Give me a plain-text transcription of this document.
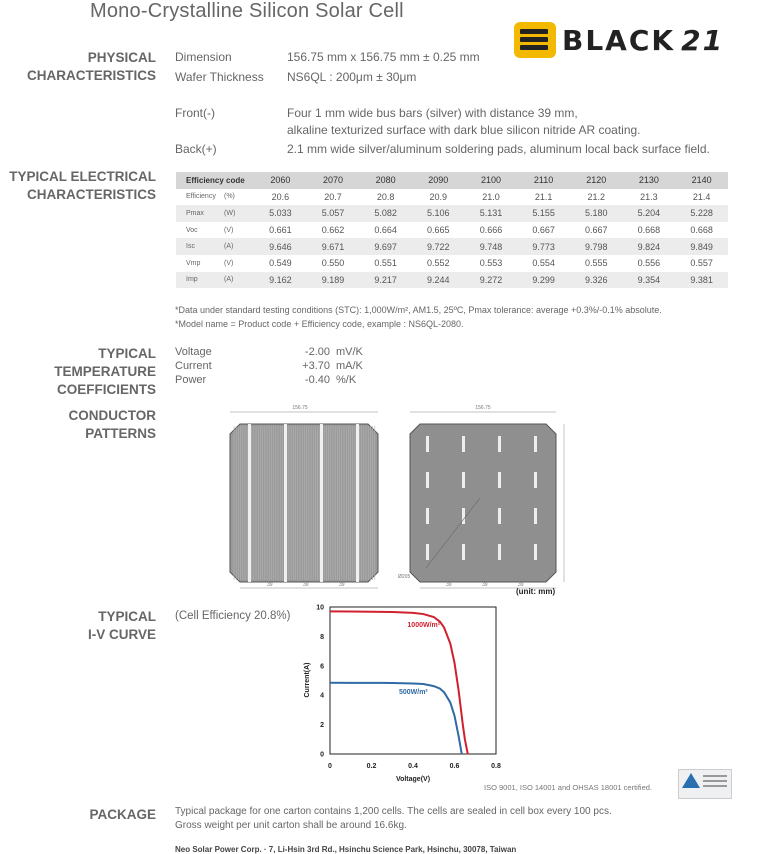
Mono-Crystalline Silicon Solar Cell
BLACK 21
PHYSICAL
CHARACTERISTICS
Dimension	156.75 mm x 156.75 mm ± 0.25 mm
Wafer Thickness NS6QL : 200μm ± 30μm
Front(-)	Four 1 mm wide bus bars (silver) with distance 39 mm,
alkaline texturized surface with dark blue silicon nitride AR coating.
Back(+)	2.1 mm wide silver/aluminum soldering pads, aluminum local back surface field.
TYPICAL ELECTRICAL
CHARACTERISTICS
Efficiency code		2060	2070	2080	2090	2100	2110	2120	2130	2140
Efficiency	(%)	20.6	20.7	20.8	20.9	21.0	21.1	21.2	21.3	21.4
Pmax	(W)	5.033	5.057	5.082	5.106	5.131	5.155	5.180	5.204	5.228
Voc	(V)	0.661	0.662	0.664	0.665	0.666	0.667	0.667	0.668	0.668
Isc	(A)	9.646	9.671	9.697	9.722	9.748	9.773	9.798	9.824	9.849
Vmp	(V)	0.549	0.550	0.551	0.552	0.553	0.554	0.555	0.556	0.557
Imp	(A)	9.162	9.189	9.217	9.244	9.272	9.299	9.326	9.354	9.381
*Data under standard testing conditions (STC): 1,000W/m², AM1.5, 25ºC, Pmax tolerance: average +0.3%/-0.1% absolute.
*Model name = Product code + Efficiency code, example : NS6QL-2080.
TYPICAL TEMPERATURE
COEFFICIENTS
Voltage	-2.00 mV/K
Current	+3.70 mA/K
Power	-0.40 %/K
CONDUCTOR
PATTERNS
156.75
39	39	39
156.75
Ø205
39	39	39
(unit: mm)
TYPICAL
I-V CURVE
(Cell Efficiency 20.8%)
0	0.2	0.4	0.6	0.8
0
2
4
6
8
10
1000W/m²
500W/m²
Voltage(V)
Current(A)
ISO 9001, ISO 14001 and OHSAS 18001 certified.
PACKAGE Typical package for one carton contains 1,200 cells. The cells are sealed in cell box every 100 pcs.
Gross weight per unit carton shall be around 16.6kg.
Neo Solar Power Corp. · 7, Li-Hsin 3rd Rd., Hsinchu Science Park, Hsinchu, 30078, Taiwan
